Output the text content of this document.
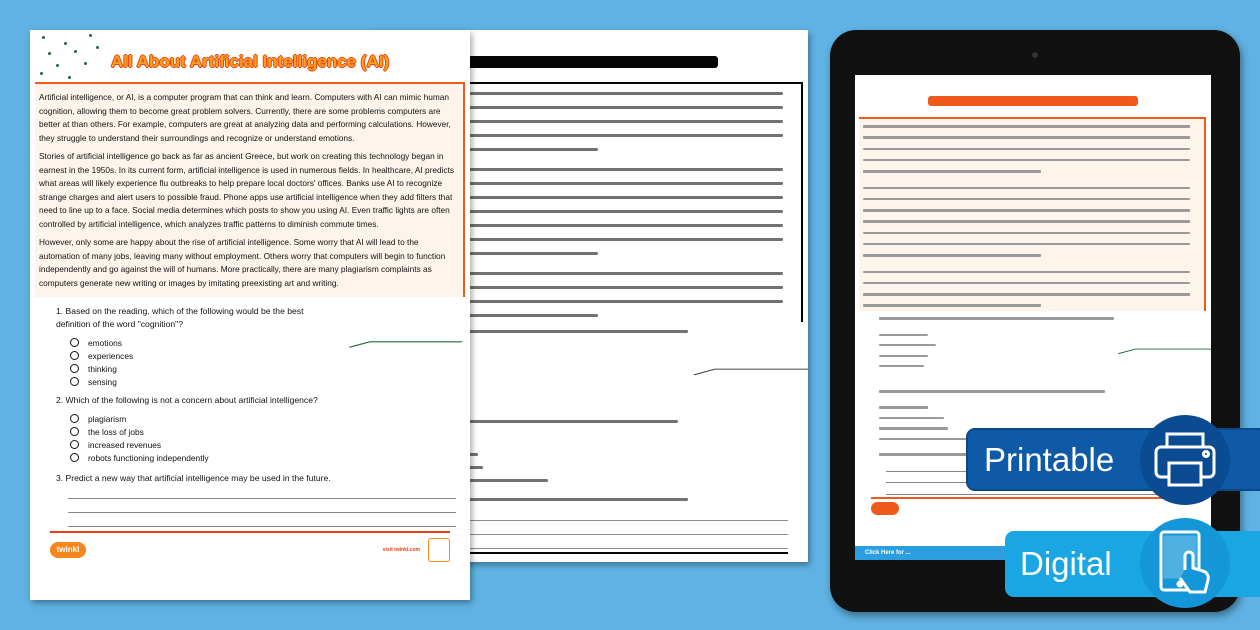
All About Artificial Intelligence (AI)

Artificial intelligence, or AI, is a computer program that can think and learn. Computers with AI can mimic human cognition, allowing them to become great problem solvers. Currently, there are some problems computers are better at than others. For example, computers are great at analyzing data and performing calculations. However, they struggle to understand their surroundings and recognize or understand emotions.

Stories of artificial intelligence go back as far as ancient Greece, but work on creating this technology began in earnest in the 1950s. In its current form, artificial intelligence is used in numerous fields. In healthcare, AI predicts what areas will likely experience flu outbreaks to help prepare local doctors' offices. Banks use AI to recognize strange charges and alert users to possible fraud. Phone apps use artificial intelligence when they add filters that need to line up to a face. Social media determines which posts to show you using AI. Even traffic lights are often controlled by artificial intelligence, which analyzes traffic patterns to diminish commute times.

However, only some are happy about the rise of artificial intelligence. Some worry that AI will lead to the automation of many jobs, leaving many without employment. Others worry that computers will begin to function independently and go against the will of humans. More practically, there are many plagiarism complaints as computers generate new writing or images by imitating preexisting art and writing.

1. Based on the reading, which of the following would be the best definition of the word "cognition"?
emotions
experiences
thinking
sensing
2. Which of the following is not a concern about artificial intelligence?
plagiarism
the loss of jobs
increased revenues
robots functioning independently
3. Predict a new way that artificial intelligence may be used in the future.
twinkl	visit twinkl.com	Click Here for ...
Printable
Digital
